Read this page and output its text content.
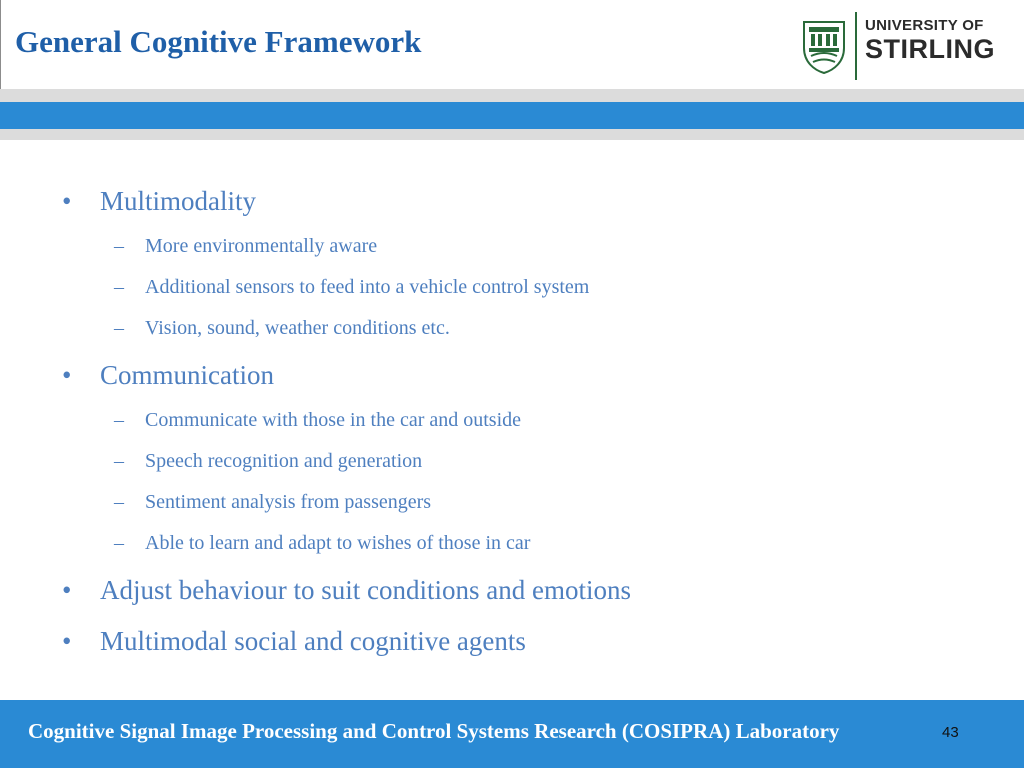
General Cognitive Framework	UNIVERSITY OF
STIRLING
• Multimodality
– More environmentally aware
– Additional sensors to feed into a vehicle control system
– Vision, sound, weather conditions etc.
• Communication
– Communicate with those in the car and outside
– Speech recognition and generation
– Sentiment analysis from passengers
– Able to learn and adapt to wishes of those in car
• Adjust behaviour to suit conditions and emotions
• Multimodal social and cognitive agents
Cognitive Signal Image Processing and Control Systems Research (COSIPRA) Laboratory	43
